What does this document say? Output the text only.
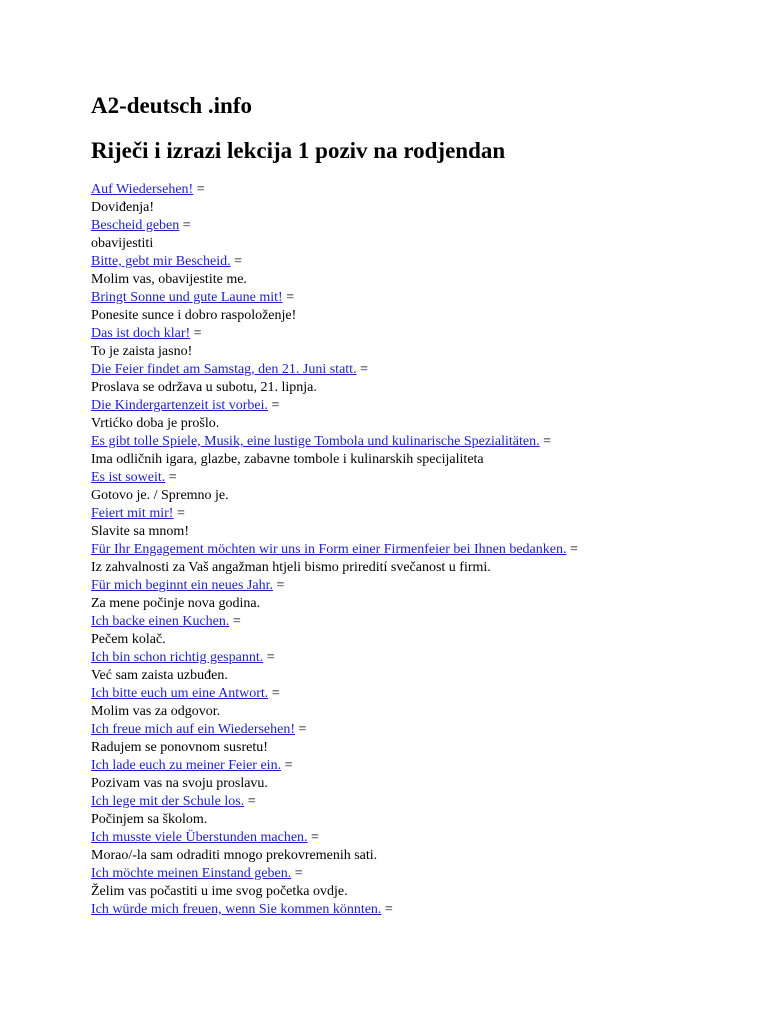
A2-deutsch .info
Riječi i izrazi lekcija 1 poziv na rodjendan
Auf Wiedersehen! =
Doviđenja!
Bescheid geben =
obavijestiti
Bitte, gebt mir Bescheid. =
Molim vas, obavijestite me.
Bringt Sonne und gute Laune mit! =
Ponesite sunce i dobro raspoloženje!
Das ist doch klar! =
To je zaista jasno!
Die Feier findet am Samstag, den 21. Juni statt. =
Proslava se održava u subotu, 21. lipnja.
Die Kindergartenzeit ist vorbei. =
Vrtićko doba je prošlo.
Es gibt tolle Spiele, Musik, eine lustige Tombola und kulinarische Spezialitäten. =
Ima odličnih igara, glazbe, zabavne tombole i kulinarskih specijaliteta
Es ist soweit. =
Gotovo je. / Spremno je.
Feiert mit mir! =
Slavite sa mnom!
Für Ihr Engagement möchten wir uns in Form einer Firmenfeier bei Ihnen bedanken. =
Iz zahvalnosti za Vaš angažman htjeli bismo priredití svečanost u firmi.
Für mich beginnt ein neues Jahr. =
Za mene počinje nova godina.
Ich backe einen Kuchen. =
Pečem kolač.
Ich bin schon richtig gespannt. =
Već sam zaista uzbuđen.
Ich bitte euch um eine Antwort. =
Molim vas za odgovor.
Ich freue mich auf ein Wiedersehen! =
Radujem se ponovnom susretu!
Ich lade euch zu meiner Feier ein. =
Pozivam vas na svoju proslavu.
Ich lege mit der Schule los. =
Počinjem sa školom.
Ich musste viele Überstunden machen. =
Morao/-la sam odraditi mnogo prekovremenih sati.
Ich möchte meinen Einstand geben. =
Želim vas počastiti u ime svog početka ovdje.
Ich würde mich freuen, wenn Sie kommen könnten. =
